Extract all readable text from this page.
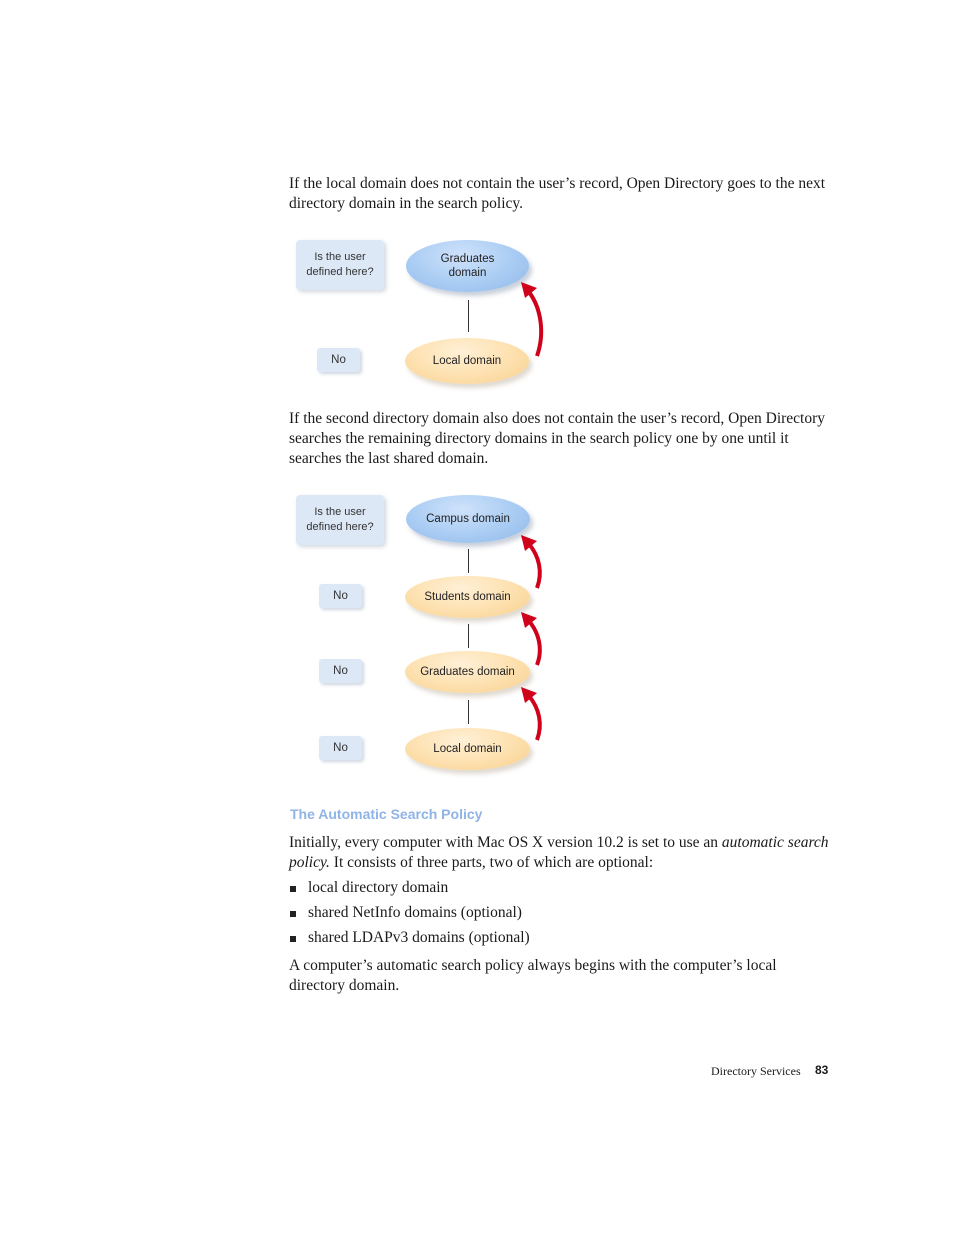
If the local domain does not contain the user’s record, Open Directory goes to the next directory domain in the search policy.

Is the user defined here?
No
Graduates domain
Local domain

If the second directory domain also does not contain the user’s record, Open Directory searches the remaining directory domains in the search policy one by one until it searches the last shared domain.

Is the user defined here?
No
No
No
Campus domain
Students domain
Graduates domain
Local domain
The Automatic Search Policy

Initially, every computer with Mac OS X version 10.2 is set to use an automatic search policy. It consists of three parts, two of which are optional:

local directory domain
shared NetInfo domains (optional)
shared LDAPv3 domains (optional)

A computer’s automatic search policy always begins with the computer’s local directory domain.

Directory Services 83
